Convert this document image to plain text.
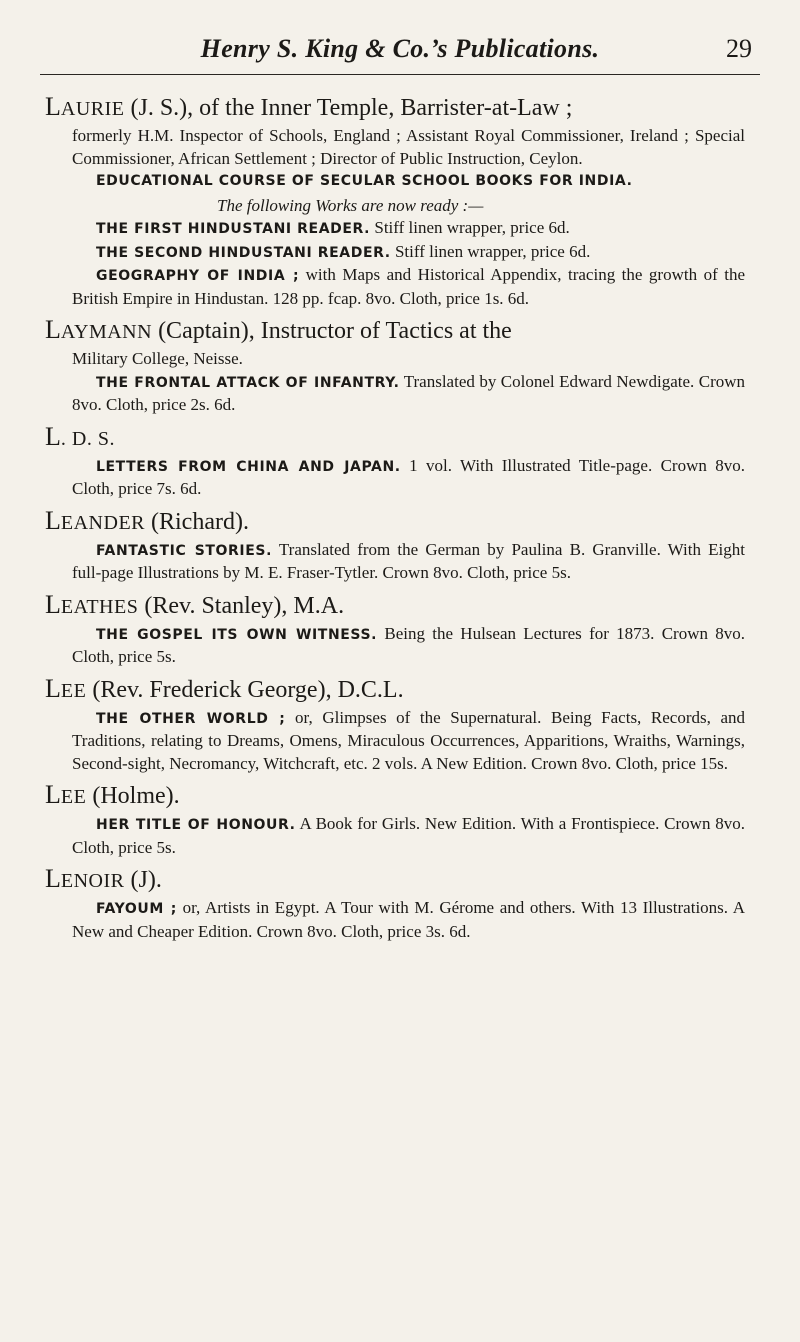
Henry S. King & Co.’s Publications.	29
LAURIE (J. S.), of the Inner Temple, Barrister-at-Law ;

formerly H.M. Inspector of Schools, England ; Assistant Royal Commissioner, Ireland ; Special Commissioner, African Settlement ; Director of Public Instruction, Ceylon.

EDUCATIONAL COURSE OF SECULAR SCHOOL BOOKS FOR INDIA.

The following Works are now ready :—

THE FIRST HINDUSTANI READER. Stiff linen wrapper, price 6d.

THE SECOND HINDUSTANI READER. Stiff linen wrapper, price 6d.

GEOGRAPHY OF INDIA ; with Maps and Historical Appendix, tracing the growth of the British Empire in Hindustan. 128 pp. fcap. 8vo. Cloth, price 1s. 6d.

LAYMANN (Captain), Instructor of Tactics at the

Military College, Neisse.

THE FRONTAL ATTACK OF INFANTRY. Translated by Colonel Edward Newdigate. Crown 8vo. Cloth, price 2s. 6d.

L. D. S.

LETTERS FROM CHINA AND JAPAN. 1 vol. With Illustrated Title-page. Crown 8vo. Cloth, price 7s. 6d.

LEANDER (Richard).

FANTASTIC STORIES. Translated from the German by Paulina B. Granville. With Eight full-page Illustrations by M. E. Fraser-Tytler. Crown 8vo. Cloth, price 5s.

LEATHES (Rev. Stanley), M.A.

THE GOSPEL ITS OWN WITNESS. Being the Hulsean Lectures for 1873. Crown 8vo. Cloth, price 5s.

LEE (Rev. Frederick George), D.C.L.

THE OTHER WORLD ; or, Glimpses of the Supernatural. Being Facts, Records, and Traditions, relating to Dreams, Omens, Miraculous Occurrences, Apparitions, Wraiths, Warnings, Second-sight, Necromancy, Witchcraft, etc. 2 vols. A New Edition. Crown 8vo. Cloth, price 15s.

LEE (Holme).

HER TITLE OF HONOUR. A Book for Girls. New Edition. With a Frontispiece. Crown 8vo. Cloth, price 5s.

LENOIR (J).

FAYOUM ; or, Artists in Egypt. A Tour with M. Gérome and others. With 13 Illustrations. A New and Cheaper Edition. Crown 8vo. Cloth, price 3s. 6d.
